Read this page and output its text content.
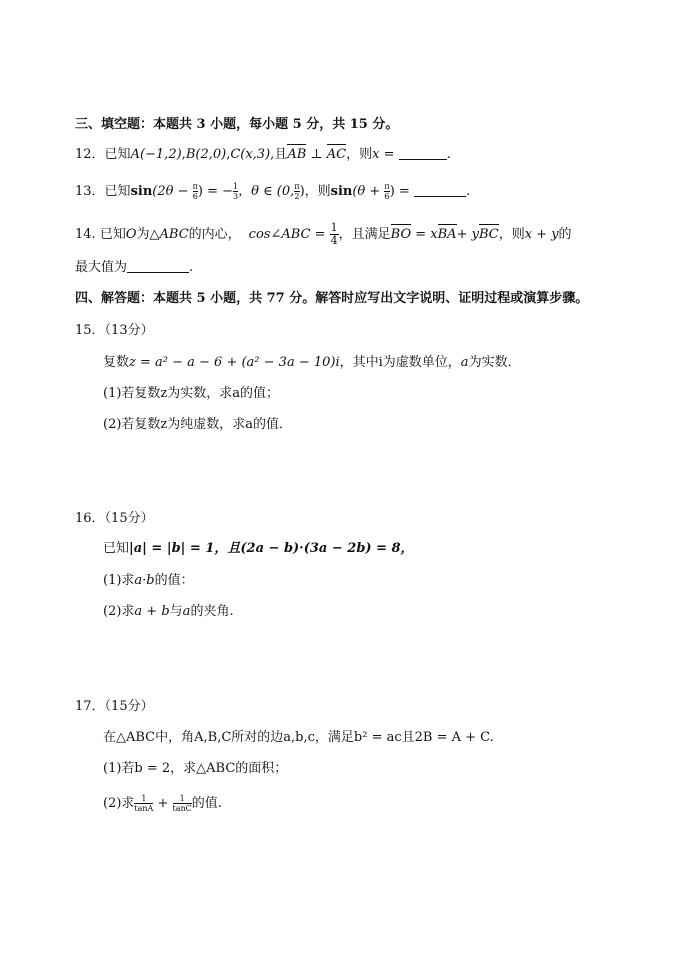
三、填空题：本题共 3 小题，每小题 5 分，共 15 分。
12．已知A(−1,2),B(2,0),C(x,3),且AB ⊥ AC，则x =	.
13．已知$\sin(2\theta - \frac{\pi}{6}$ ) = − $\frac{1}{3}$ ，θ ∈ (0, $\frac{\pi}{2}$ )，则$\sin(\theta + \frac{\pi}{6}$ ) =	.
14. 已知O为△ABC的内心， cos∠ABC = $\frac{1}{4}$ ，且满足BO = xBA+ yBC，则x + y的
最大值为	.
四、解答题：本题共 5 小题，共 77 分。解答时应写出文字说明、证明过程或演算步骤。
15．（13分）
复数z = a² − a − 6 + (a² − 3a − 10)i，其中i为虚数单位，a为实数．
(1)若复数z为实数，求a的值；
(2)若复数z为纯虚数，求a的值．
16．（15分）
已知|a| = |b| = 1，且(2a − b)·(3a − 2b) = 8，
(1)求a·b的值：
(2)求a + b与a的夹角.
17．（15分）
在△ABC中，角A,B,C所对的边a,b,c，满足b² = ac且2B = A + C.
(1)若b = 2，求△ABC的面积；
(2)求 $\frac{1}{\tan A} + \frac{1}{\tan C}$ 的值.
